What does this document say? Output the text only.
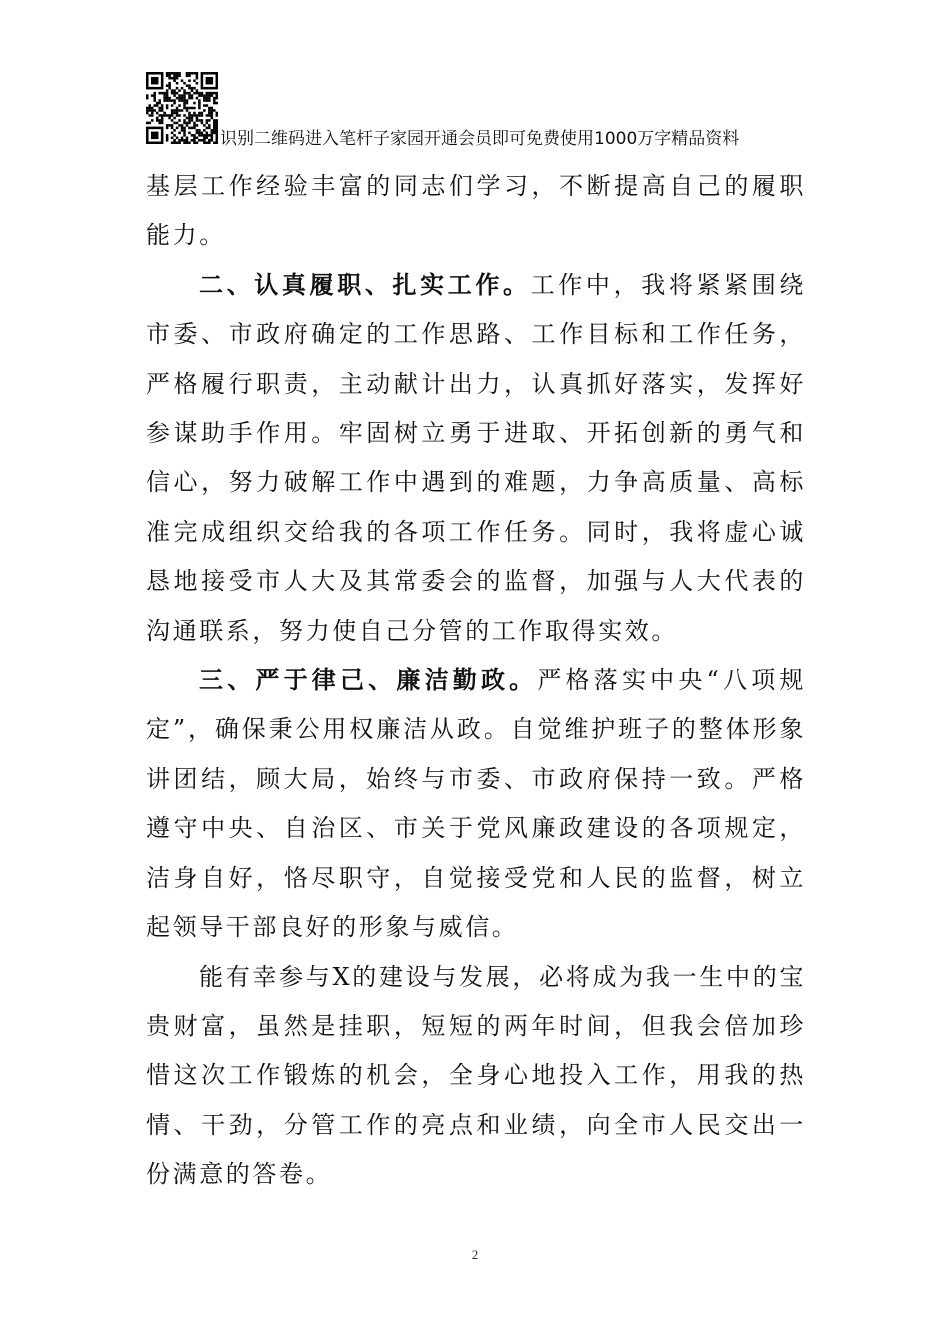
识别二维码进入笔杆子家园开通会员即可免费使用1000万字精品资料

基层工作经验丰富的同志们学习，不断提高自己的履职能力。

二、认真履职、扎实工作。工作中，我将紧紧围绕市委、市政府确定的工作思路、工作目标和工作任务，严格履行职责，主动献计出力，认真抓好落实，发挥好参谋助手作用。牢固树立勇于进取、开拓创新的勇气和信心，努力破解工作中遇到的难题，力争高质量、高标准完成组织交给我的各项工作任务。同时，我将虚心诚恳地接受市人大及其常委会的监督，加强与人大代表的沟通联系，努力使自己分管的工作取得实效。

三、严于律己、廉洁勤政。严格落实中央“八项规定”，确保秉公用权廉洁从政。自觉维护班子的整体形象讲团结，顾大局，始终与市委、市政府保持一致。严格遵守中央、自治区、市关于党风廉政建设的各项规定，洁身自好，恪尽职守，自觉接受党和人民的监督，树立起领导干部良好的形象与威信。

能有幸参与X的建设与发展，必将成为我一生中的宝贵财富，虽然是挂职，短短的两年时间，但我会倍加珍惜这次工作锻炼的机会，全身心地投入工作，用我的热情、干劲，分管工作的亮点和业绩，向全市人民交出一份满意的答卷。

2
